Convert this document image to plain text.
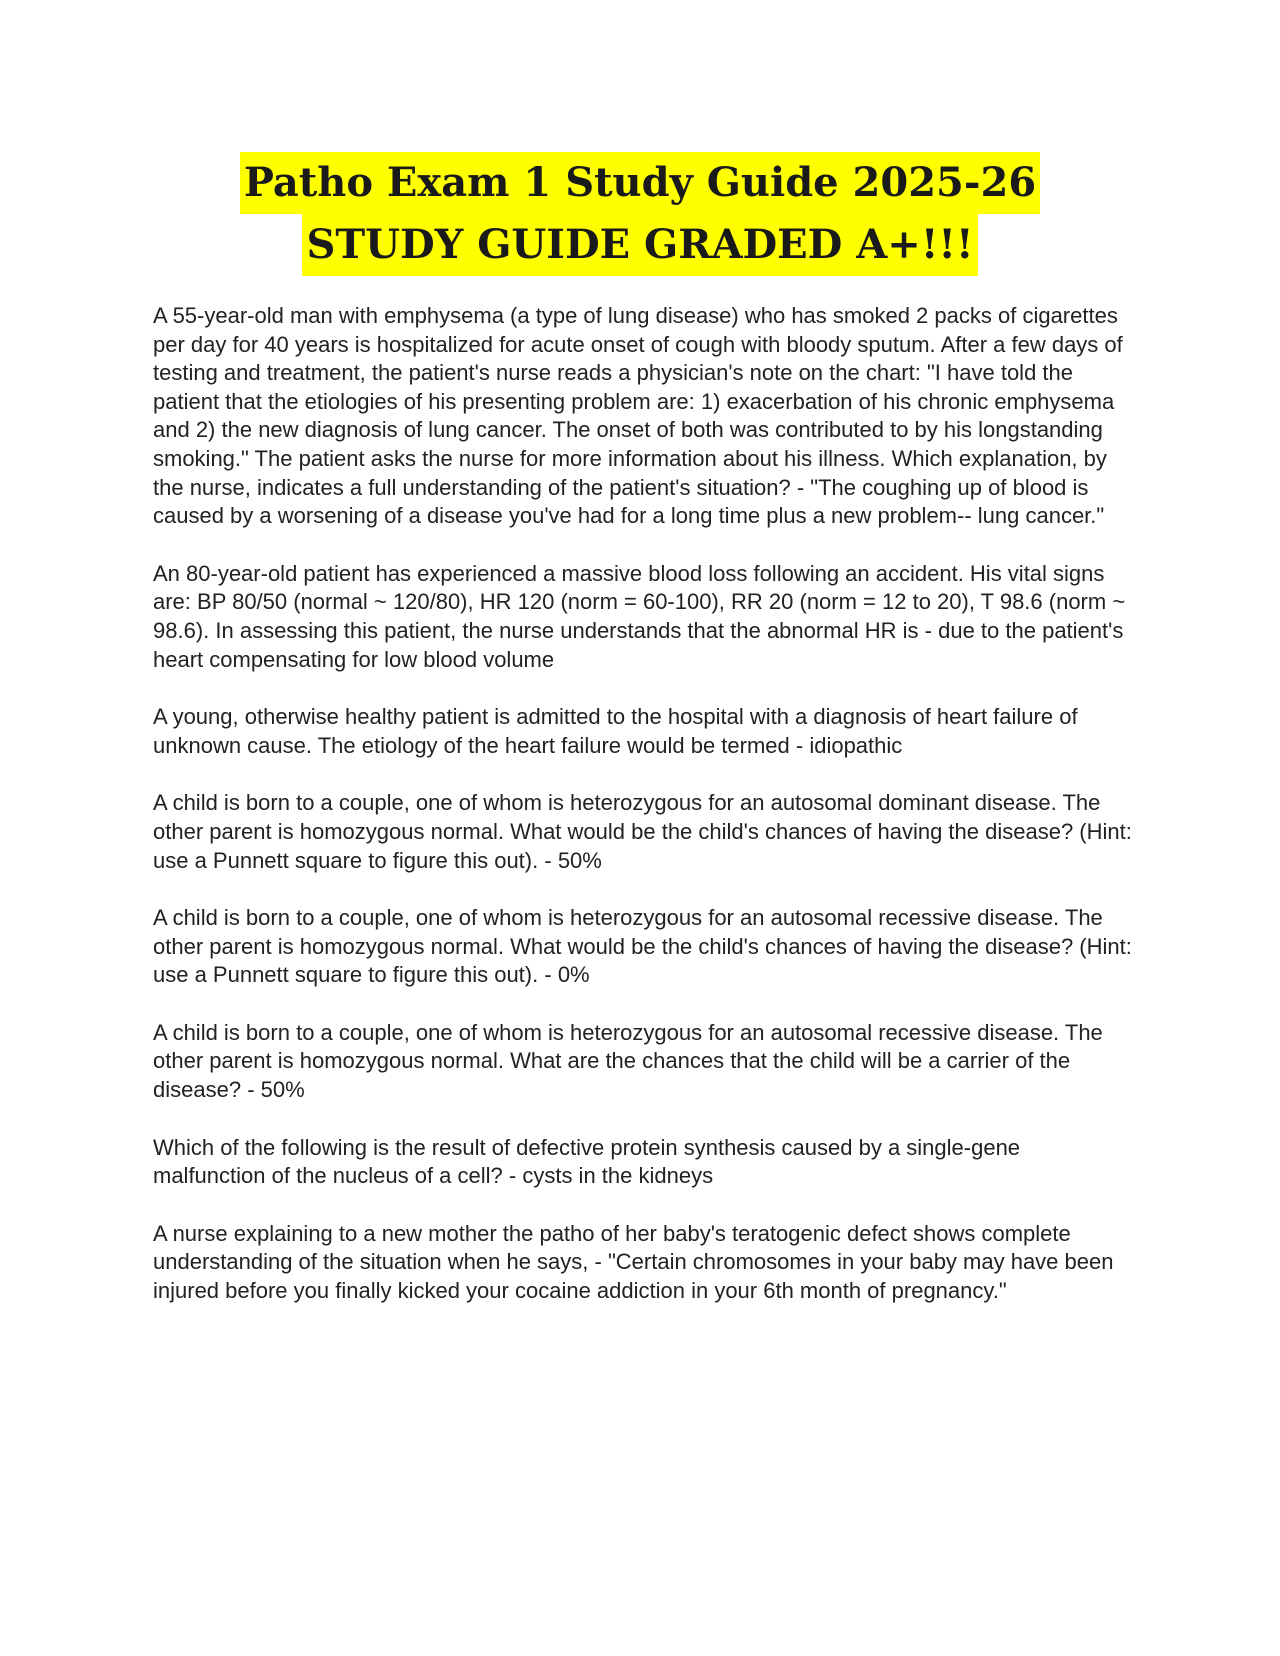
Patho Exam 1 Study Guide 2025-26
STUDY GUIDE GRADED A+!!!

A 55-year-old man with emphysema (a type of lung disease) who has smoked 2 packs of cigarettes per day for 40 years is hospitalized for acute onset of cough with bloody sputum. After a few days of testing and treatment, the patient's nurse reads a physician's note on the chart: "I have told the patient that the etiologies of his presenting problem are: 1) exacerbation of his chronic emphysema and 2) the new diagnosis of lung cancer. The onset of both was contributed to by his longstanding smoking." The patient asks the nurse for more information about his illness. Which explanation, by the nurse, indicates a full understanding of the patient's situation? - "The coughing up of blood is caused by a worsening of a disease you've had for a long time plus a new problem-- lung cancer."

An 80-year-old patient has experienced a massive blood loss following an accident. His vital signs are: BP 80/50 (normal ~ 120/80), HR 120 (norm = 60-100), RR 20 (norm = 12 to 20), T 98.6 (norm ~ 98.6). In assessing this patient, the nurse understands that the abnormal HR is - due to the patient's heart compensating for low blood volume

A young, otherwise healthy patient is admitted to the hospital with a diagnosis of heart failure of unknown cause. The etiology of the heart failure would be termed - idiopathic

A child is born to a couple, one of whom is heterozygous for an autosomal dominant disease. The other parent is homozygous normal. What would be the child's chances of having the disease? (Hint: use a Punnett square to figure this out). - 50%

A child is born to a couple, one of whom is heterozygous for an autosomal recessive disease. The other parent is homozygous normal. What would be the child's chances of having the disease? (Hint: use a Punnett square to figure this out). - 0%

A child is born to a couple, one of whom is heterozygous for an autosomal recessive disease. The other parent is homozygous normal. What are the chances that the child will be a carrier of the disease? - 50%

Which of the following is the result of defective protein synthesis caused by a single-gene malfunction of the nucleus of a cell? - cysts in the kidneys

A nurse explaining to a new mother the patho of her baby's teratogenic defect shows complete understanding of the situation when he says, - "Certain chromosomes in your baby may have been injured before you finally kicked your cocaine addiction in your 6th month of pregnancy."
